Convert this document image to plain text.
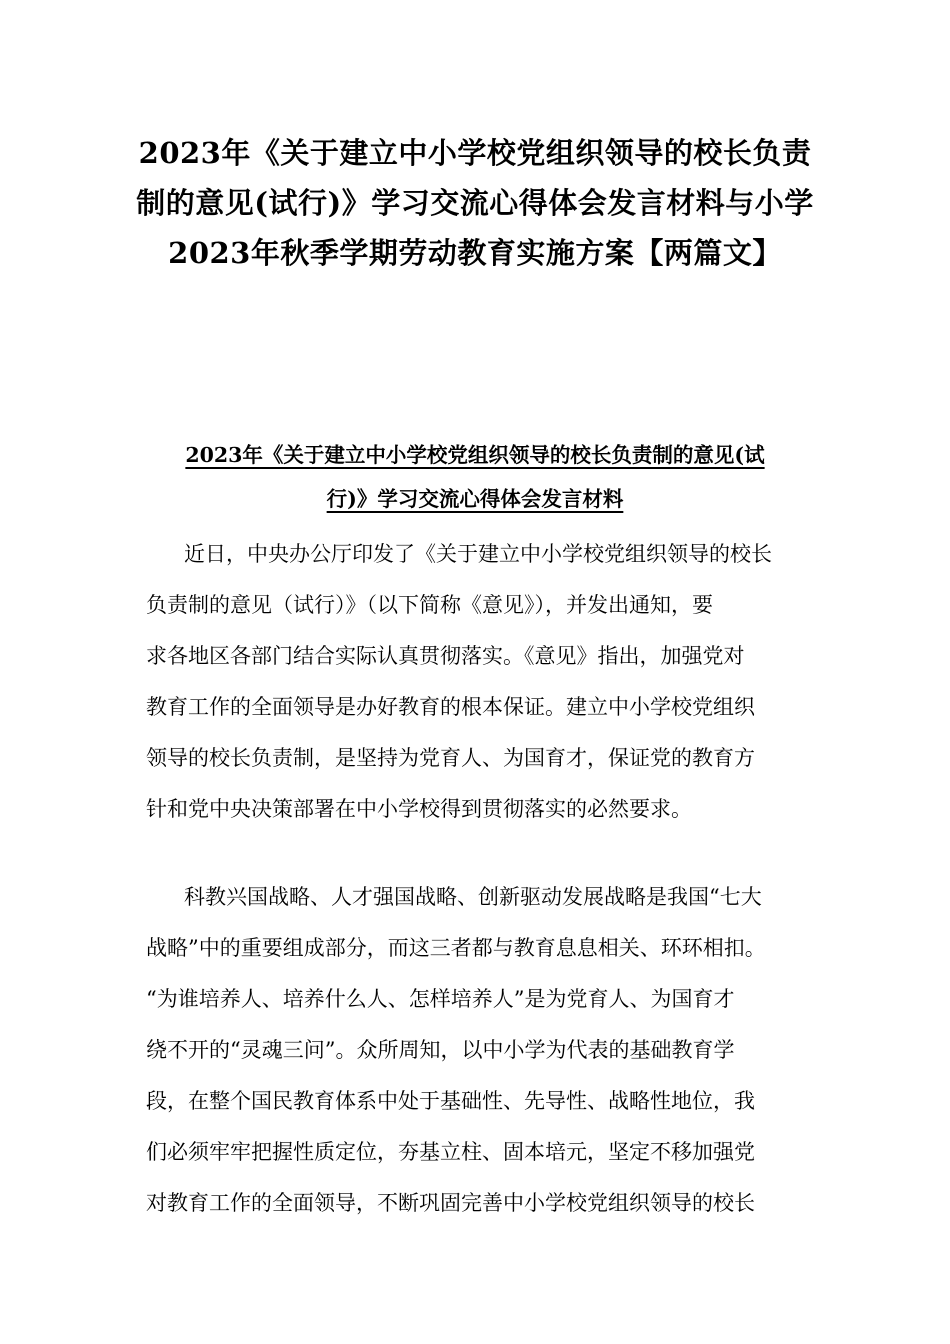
2023年《关于建立中小学校党组织领导的校长负责
制的意见(试行)》学习交流心得体会发言材料与小学
2023年秋季学期劳动教育实施方案【两篇文】
2023年《关于建立中小学校党组织领导的校长负责制的意见(试
行)》学习交流心得体会发言材料
近日，中央办公厅印发了《关于建立中小学校党组织领导的校长
负责制的意见（试行）》（以下简称《意见》），并发出通知，要
求各地区各部门结合实际认真贯彻落实。《意见》指出，加强党对
教育工作的全面领导是办好教育的根本保证。建立中小学校党组织
领导的校长负责制，是坚持为党育人、为国育才，保证党的教育方
针和党中央决策部署在中小学校得到贯彻落实的必然要求。
科教兴国战略、人才强国战略、创新驱动发展战略是我国“七大
战略”中的重要组成部分，而这三者都与教育息息相关、环环相扣。
“为谁培养人、培养什么人、怎样培养人”是为党育人、为国育才
绕不开的“灵魂三问”。众所周知，以中小学为代表的基础教育学
段，在整个国民教育体系中处于基础性、先导性、战略性地位，我
们必须牢牢把握性质定位，夯基立柱、固本培元，坚定不移加强党
对教育工作的全面领导，不断巩固完善中小学校党组织领导的校长
